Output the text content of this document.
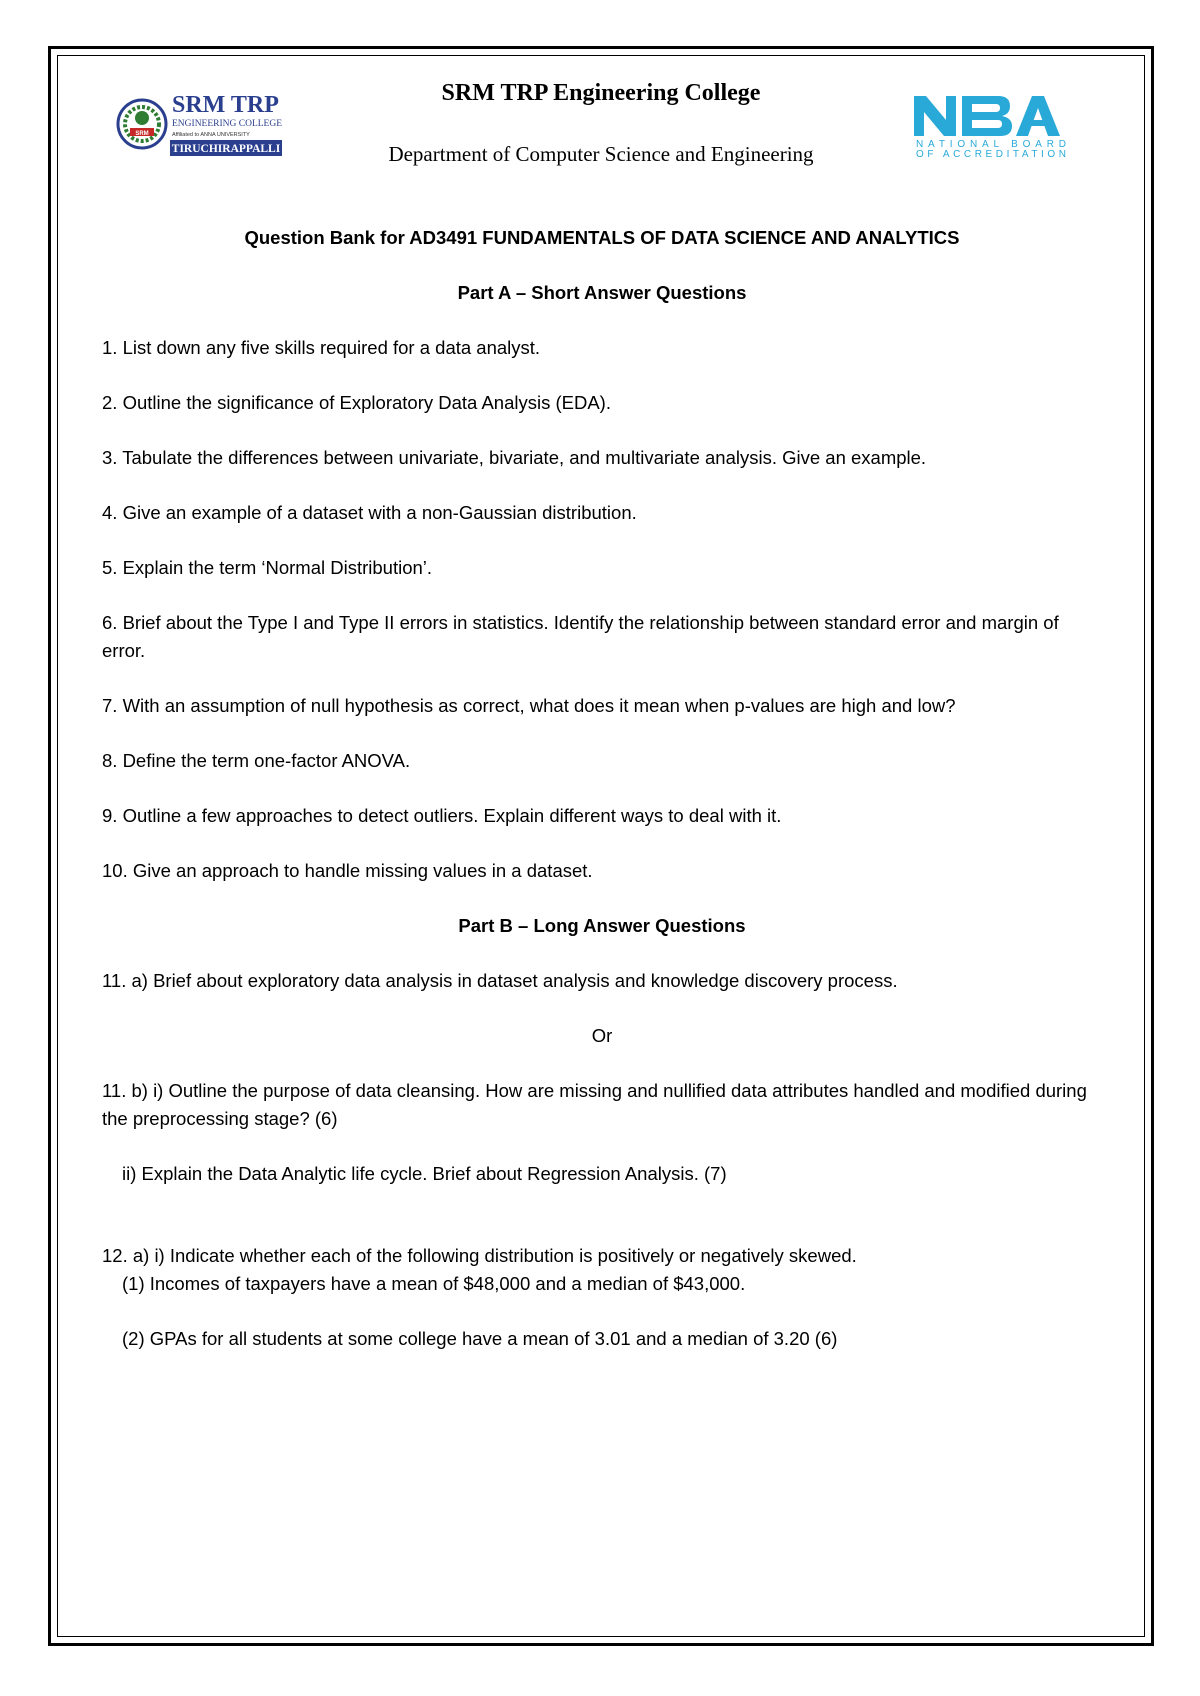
SRM
SRM TRP
ENGINEERING COLLEGE
Affiliated to ANNA UNIVERSITY
TIRUCHIRAPPALLI
SRM TRP Engineering College
Department of Computer Science and Engineering	NATIONAL BOARD
OF ACCREDITATION

Question Bank for AD3491 FUNDAMENTALS OF DATA SCIENCE AND ANALYTICS

Part A – Short Answer Questions

1. List down any five skills required for a data analyst.

2. Outline the significance of Exploratory Data Analysis (EDA).

3. Tabulate the differences between univariate, bivariate, and multivariate analysis. Give an example.

4. Give an example of a dataset with a non-Gaussian distribution.

5. Explain the term ‘Normal Distribution’.

6. Brief about the Type I and Type II errors in statistics. Identify the relationship between standard error and margin of error.

7. With an assumption of null hypothesis as correct, what does it mean when p-values are high and low?

8. Define the term one-factor ANOVA.

9. Outline a few approaches to detect outliers. Explain different ways to deal with it.

10. Give an approach to handle missing values in a dataset.

Part B – Long Answer Questions

11. a) Brief about exploratory data analysis in dataset analysis and knowledge discovery process.

Or

11. b) i) Outline the purpose of data cleansing. How are missing and nullified data attributes handled and modified during the preprocessing stage? (6)

ii) Explain the Data Analytic life cycle. Brief about Regression Analysis. (7)

12. a) i) Indicate whether each of the following distribution is positively or negatively skewed.

(1) Incomes of taxpayers have a mean of $48,000 and a median of $43,000.

(2) GPAs for all students at some college have a mean of 3.01 and a median of 3.20 (6)
